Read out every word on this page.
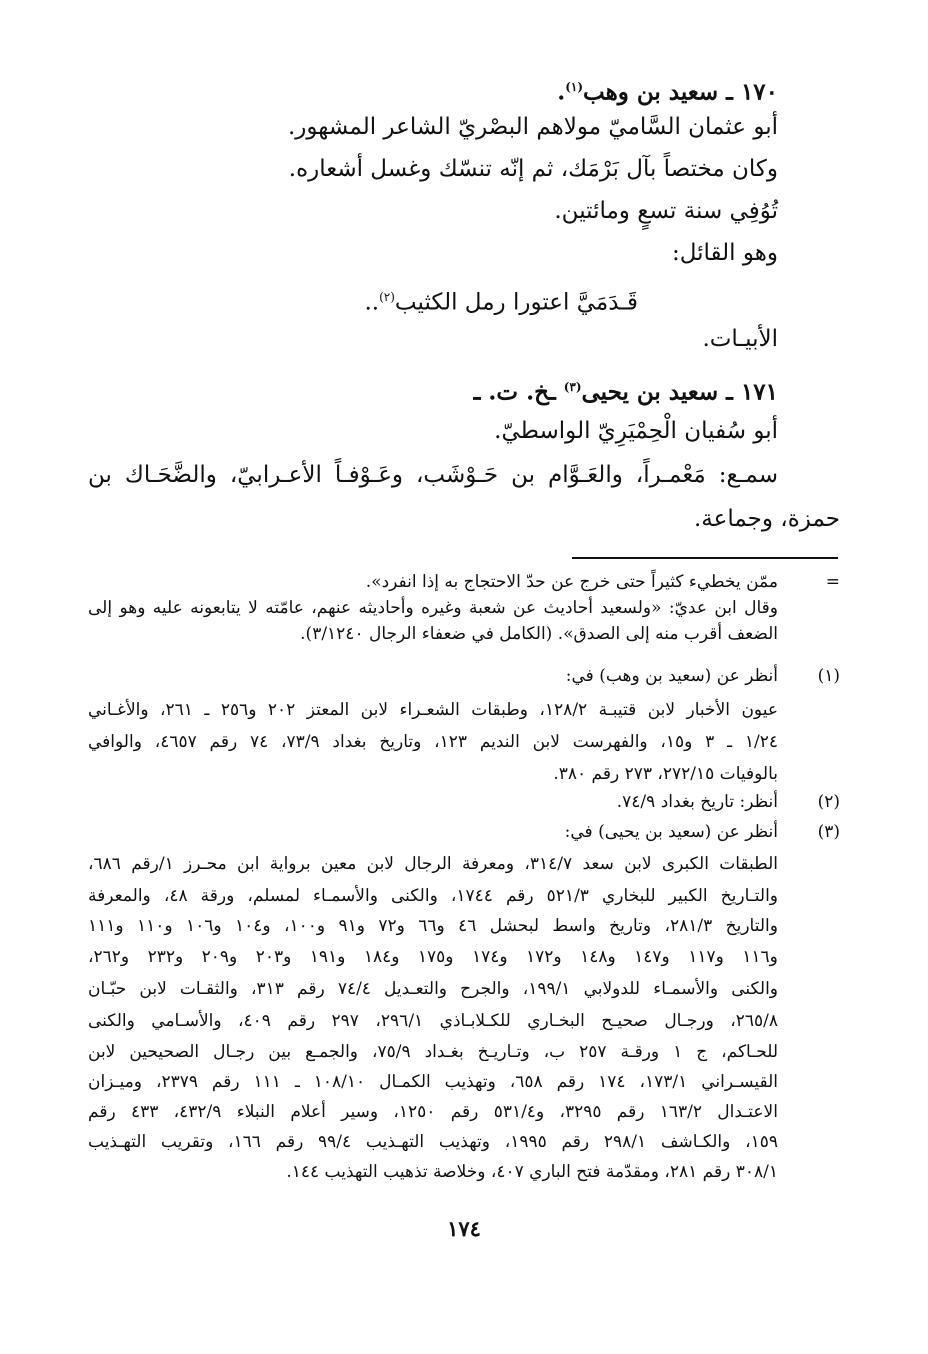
١٧٠ ـ سعيد بن وهب$^{(١)}$.
أبو عثمان السَّاميّ مولاهم البصْريّ الشاعر المشهور.
وكان مختصاً بآل بَرْمَك، ثم إنّه تنسّك وغسل أشعاره.
تُوُفِي سنة تسعٍ ومائتين.
وهو القائل:
قَـدَمَيَّ اعتورا رمل الكثيب$^{(٢)}$..
الأبيـات.
١٧١ ـ سعيد بن يحيى$^{(٣)}$ ـخ. ت. ـ
أبو سُفيان الْحِمْيَرِيّ الواسطيّ.
سمـع: مَعْمـراً، والعَـوَّام بن حَـوْشَب، وعَـوْفـاً الأعـرابيّ، والضَّحَـاك بن
حمزة، وجماعة.
=
ممّن يخطيء كثيراً حتى خرج عن حدّ الاحتجاج به إذا انفرد».
وقال ابن عديّ: «ولسعيد أحاديث عن شعبة وغيره وأحاديثه عنهم، عامّته لا يتابعونه عليه وهو إلى
الضعف أقرب منه إلى الصدق». (الكامل في ضعفاء الرجال ٣/١٢٤٠).
(١)
أنظر عن (سعيد بن وهب) في:
عيون الأخبار لابن قتيبـة ١٢٨/٢، وطبقات الشعـراء لابن المعتز ٢٠٢ و٢٥٦ ـ ٢٦١، والأغـاني
١/٢٤ ـ ٣ و١٥، والفهرست لابن النديم ١٢٣، وتاريخ بغداد ٧٣/٩، ٧٤ رقم ٤٦٥٧، والوافي
بالوفيات ٢٧٢/١٥، ٢٧٣ رقم ٣٨٠.
(٢)
أنظر: تاريخ بغداد ٧٤/٩.
(٣)
أنظر عن (سعيد بن يحيى) في:
الطبقات الكبرى لابن سعد ٣١٤/٧، ومعرفة الرجال لابن معين برواية ابن محـرز ١/رقم ٦٨٦،
والتـاريخ الكبير للبخاري ٥٢١/٣ رقم ١٧٤٤، والكنى والأسمـاء لمسلم، ورقة ٤٨، والمعرفة
والتاريخ ٢٨١/٣، وتاريخ واسط لبحشل ٤٦ و٦٦ و٧٢ و٩١ و١٠٠، و١٠٤ و١٠٦ و١١٠ و١١١
و١١٦ و١١٧ و١٤٧ و١٤٨ و١٧٢ و١٧٤ و١٧٥ و١٨٤ و١٩١ و٢٠٣ و٢٠٩ و٢٣٢ و٢٦٢،
والكنى والأسمـاء للدولابي ١٩٩/١، والجرح والتعـديل ٧٤/٤ رقم ٣١٣، والثقـات لابن حبّـان
٢٦٥/٨، ورجـال صحيـح البخـاري للكـلابـاذي ٢٩٦/١، ٢٩٧ رقم ٤٠٩، والأسـامي والكنى
للحـاكم، ج ١ ورقـة ٢٥٧ ب، وتـاريـخ بغـداد ٧٥/٩، والجمـع بين رجـال الصحيحين لابن
القيسـراني ١٧٣/١، ١٧٤ رقم ٦٥٨، وتهذيب الكمـال ١٠٨/١٠ ـ ١١١ رقم ٢٣٧٩، وميـزان
الاعتـدال ١٦٣/٢ رقم ٣٢٩٥، و٥٣١/٤ رقم ١٢٥٠، وسير أعلام النبلاء ٤٣٢/٩، ٤٣٣ رقم
١٥٩، والكـاشف ٢٩٨/١ رقم ١٩٩٥، وتهذيب التهـذيب ٩٩/٤ رقم ١٦٦، وتقريب التهـذيب
٣٠٨/١ رقم ٢٨١، ومقدّمة فتح الباري ٤٠٧، وخلاصة تذهيب التهذيب ١٤٤.
١٧٤
